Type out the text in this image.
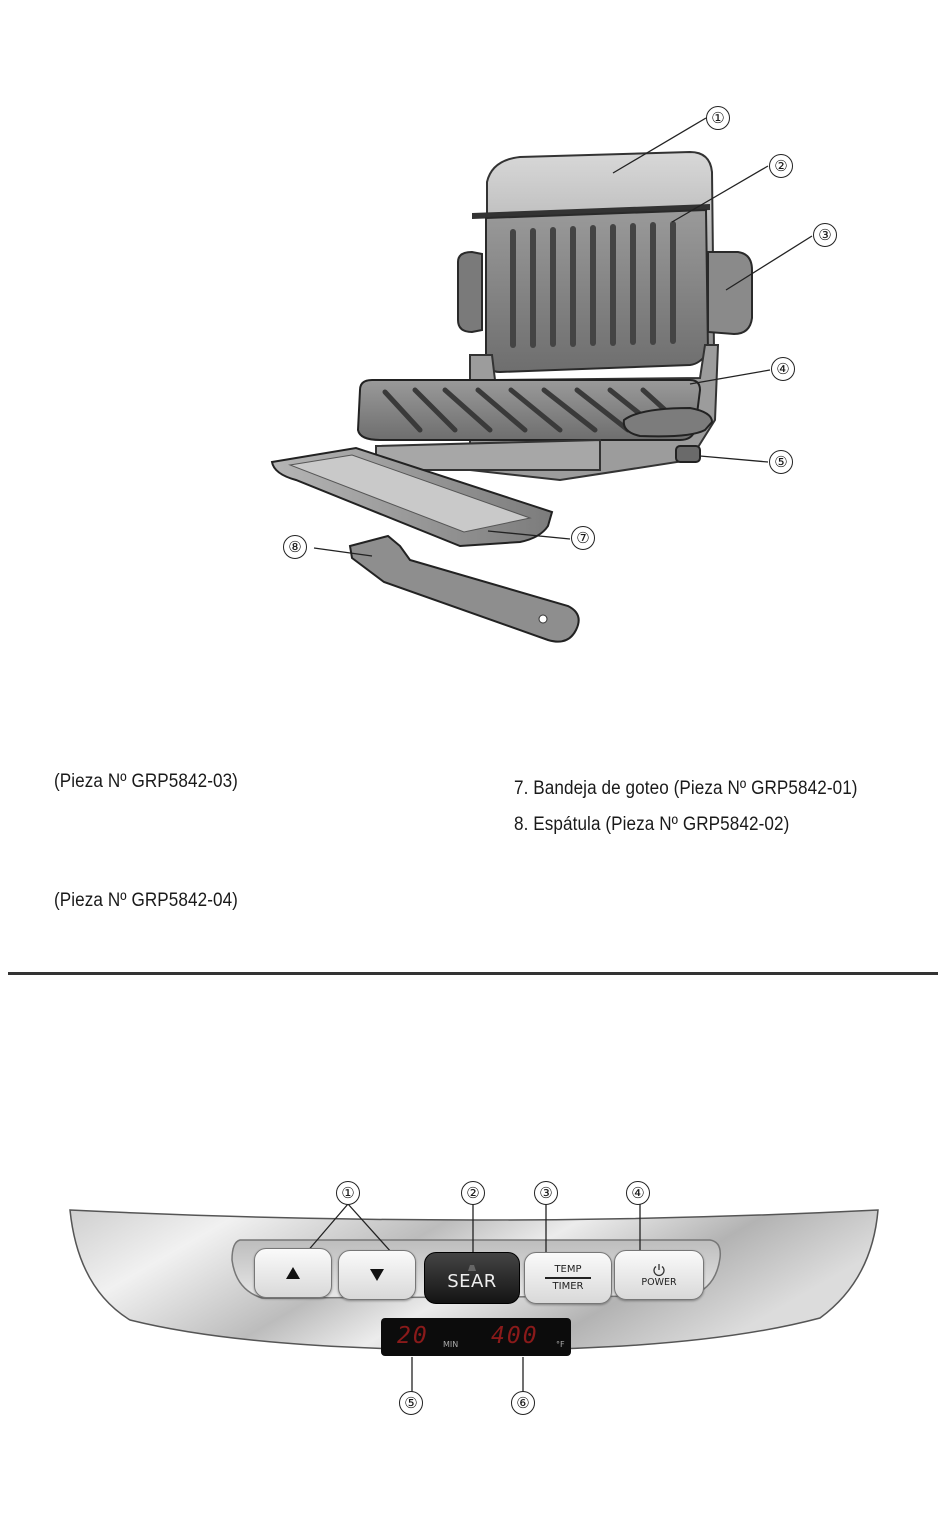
①
②
③
④
⑤
⑦
⑧
(Pieza Nº GRP5842-03)
(Pieza Nº GRP5842-04)
7. Bandeja de goteo (Pieza Nº GRP5842-01)
8. Espátula (Pieza Nº GRP5842-02)
①	②	③	④
⑤	⑥
SEAR
TEMP
TIMER	POWER
20 MIN 400 °F
